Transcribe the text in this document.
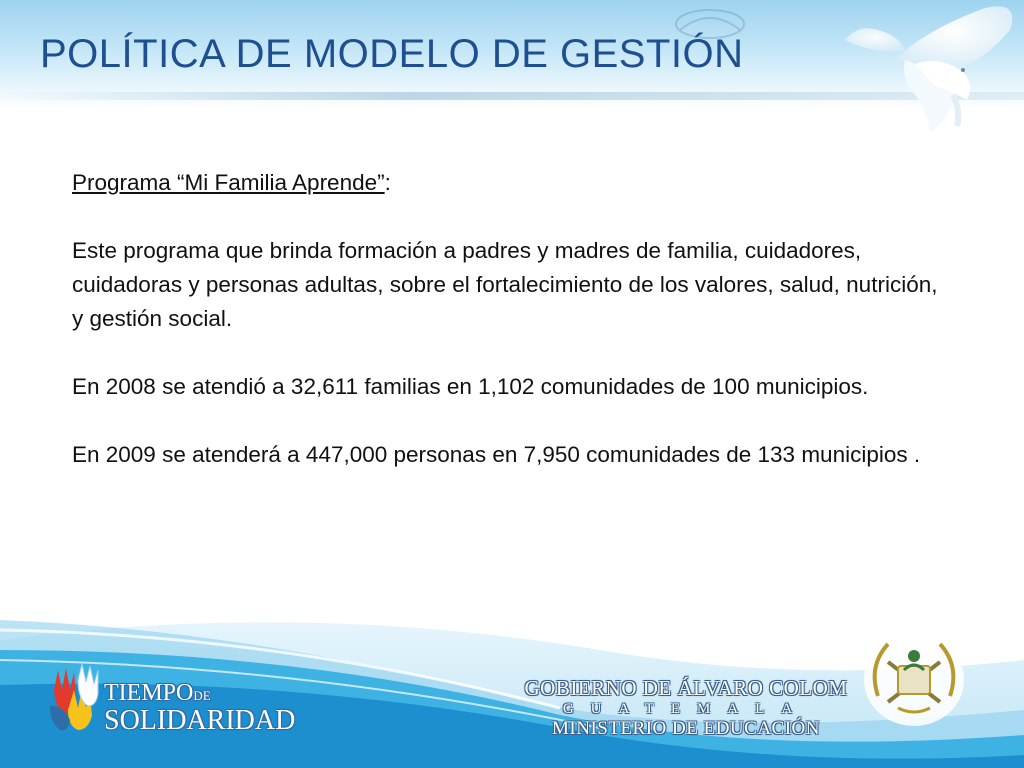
POLÍTICA DE MODELO DE GESTIÓN

Programa “Mi Familia Aprende”:

Este programa que brinda formación a padres y madres de familia, cuidadores, cuidadoras y personas adultas, sobre el fortalecimiento de los valores, salud, nutrición, y gestión social.

En 2008 se atendió a 32,611 familias en 1,102 comunidades de 100 municipios.

En 2009 se atenderá a 447,000 personas en 7,950 comunidades de 133 municipios .

TIEMPODE
SOLIDARIDAD
GOBIERNO DE ÁLVARO COLOM
GUATEMALA
MINISTERIO DE EDUCACIÓN
